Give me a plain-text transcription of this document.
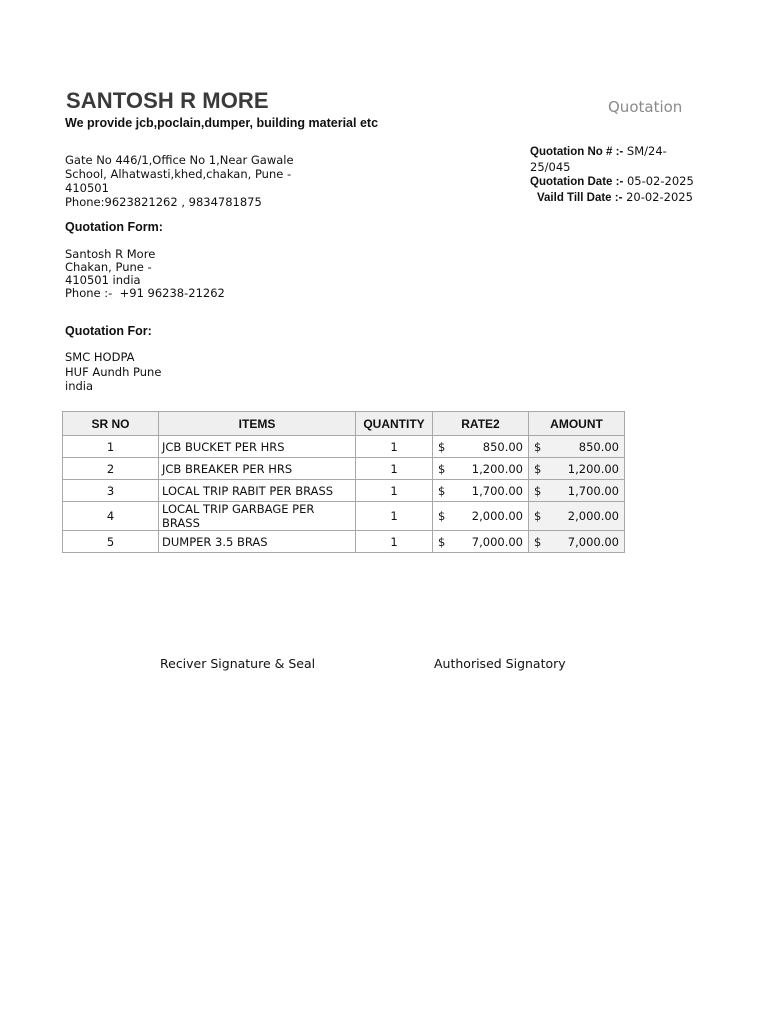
SANTOSH R MORE
We provide jcb,poclain,dumper, building material etc
Quotation
Gate No 446/1,Office No 1,Near Gawale
School, Alhatwasti,khed,chakan, Pune -
410501
Phone:9623821262 , 9834781875
Quotation No # :- SM/24-
25/045
Quotation Date :- 05-02-2025
Vaild Till Date :- 20-02-2025
Quotation Form:
Santosh R More
Chakan, Pune -
410501 india
Phone :-  +91 96238-21262
Quotation For:
SMC HODPA
HUF Aundh Pune
india
SR NO	ITEMS	QUANTITY	RATE2	AMOUNT
1	JCB BUCKET PER HRS	1	$ 850.00	$ 850.00

2	JCB BREAKER PER HRS	1	$ 1,200.00	$ 1,200.00

3	LOCAL TRIP RABIT PER BRASS	1	$ 1,700.00	$ 1,700.00

4	LOCAL TRIP GARBAGE PER BRASS	1	$ 2,000.00	$ 2,000.00

5	DUMPER 3.5 BRAS	1	$ 7,000.00	$ 7,000.00
Reciver Signature & Seal	Authorised Signatory
